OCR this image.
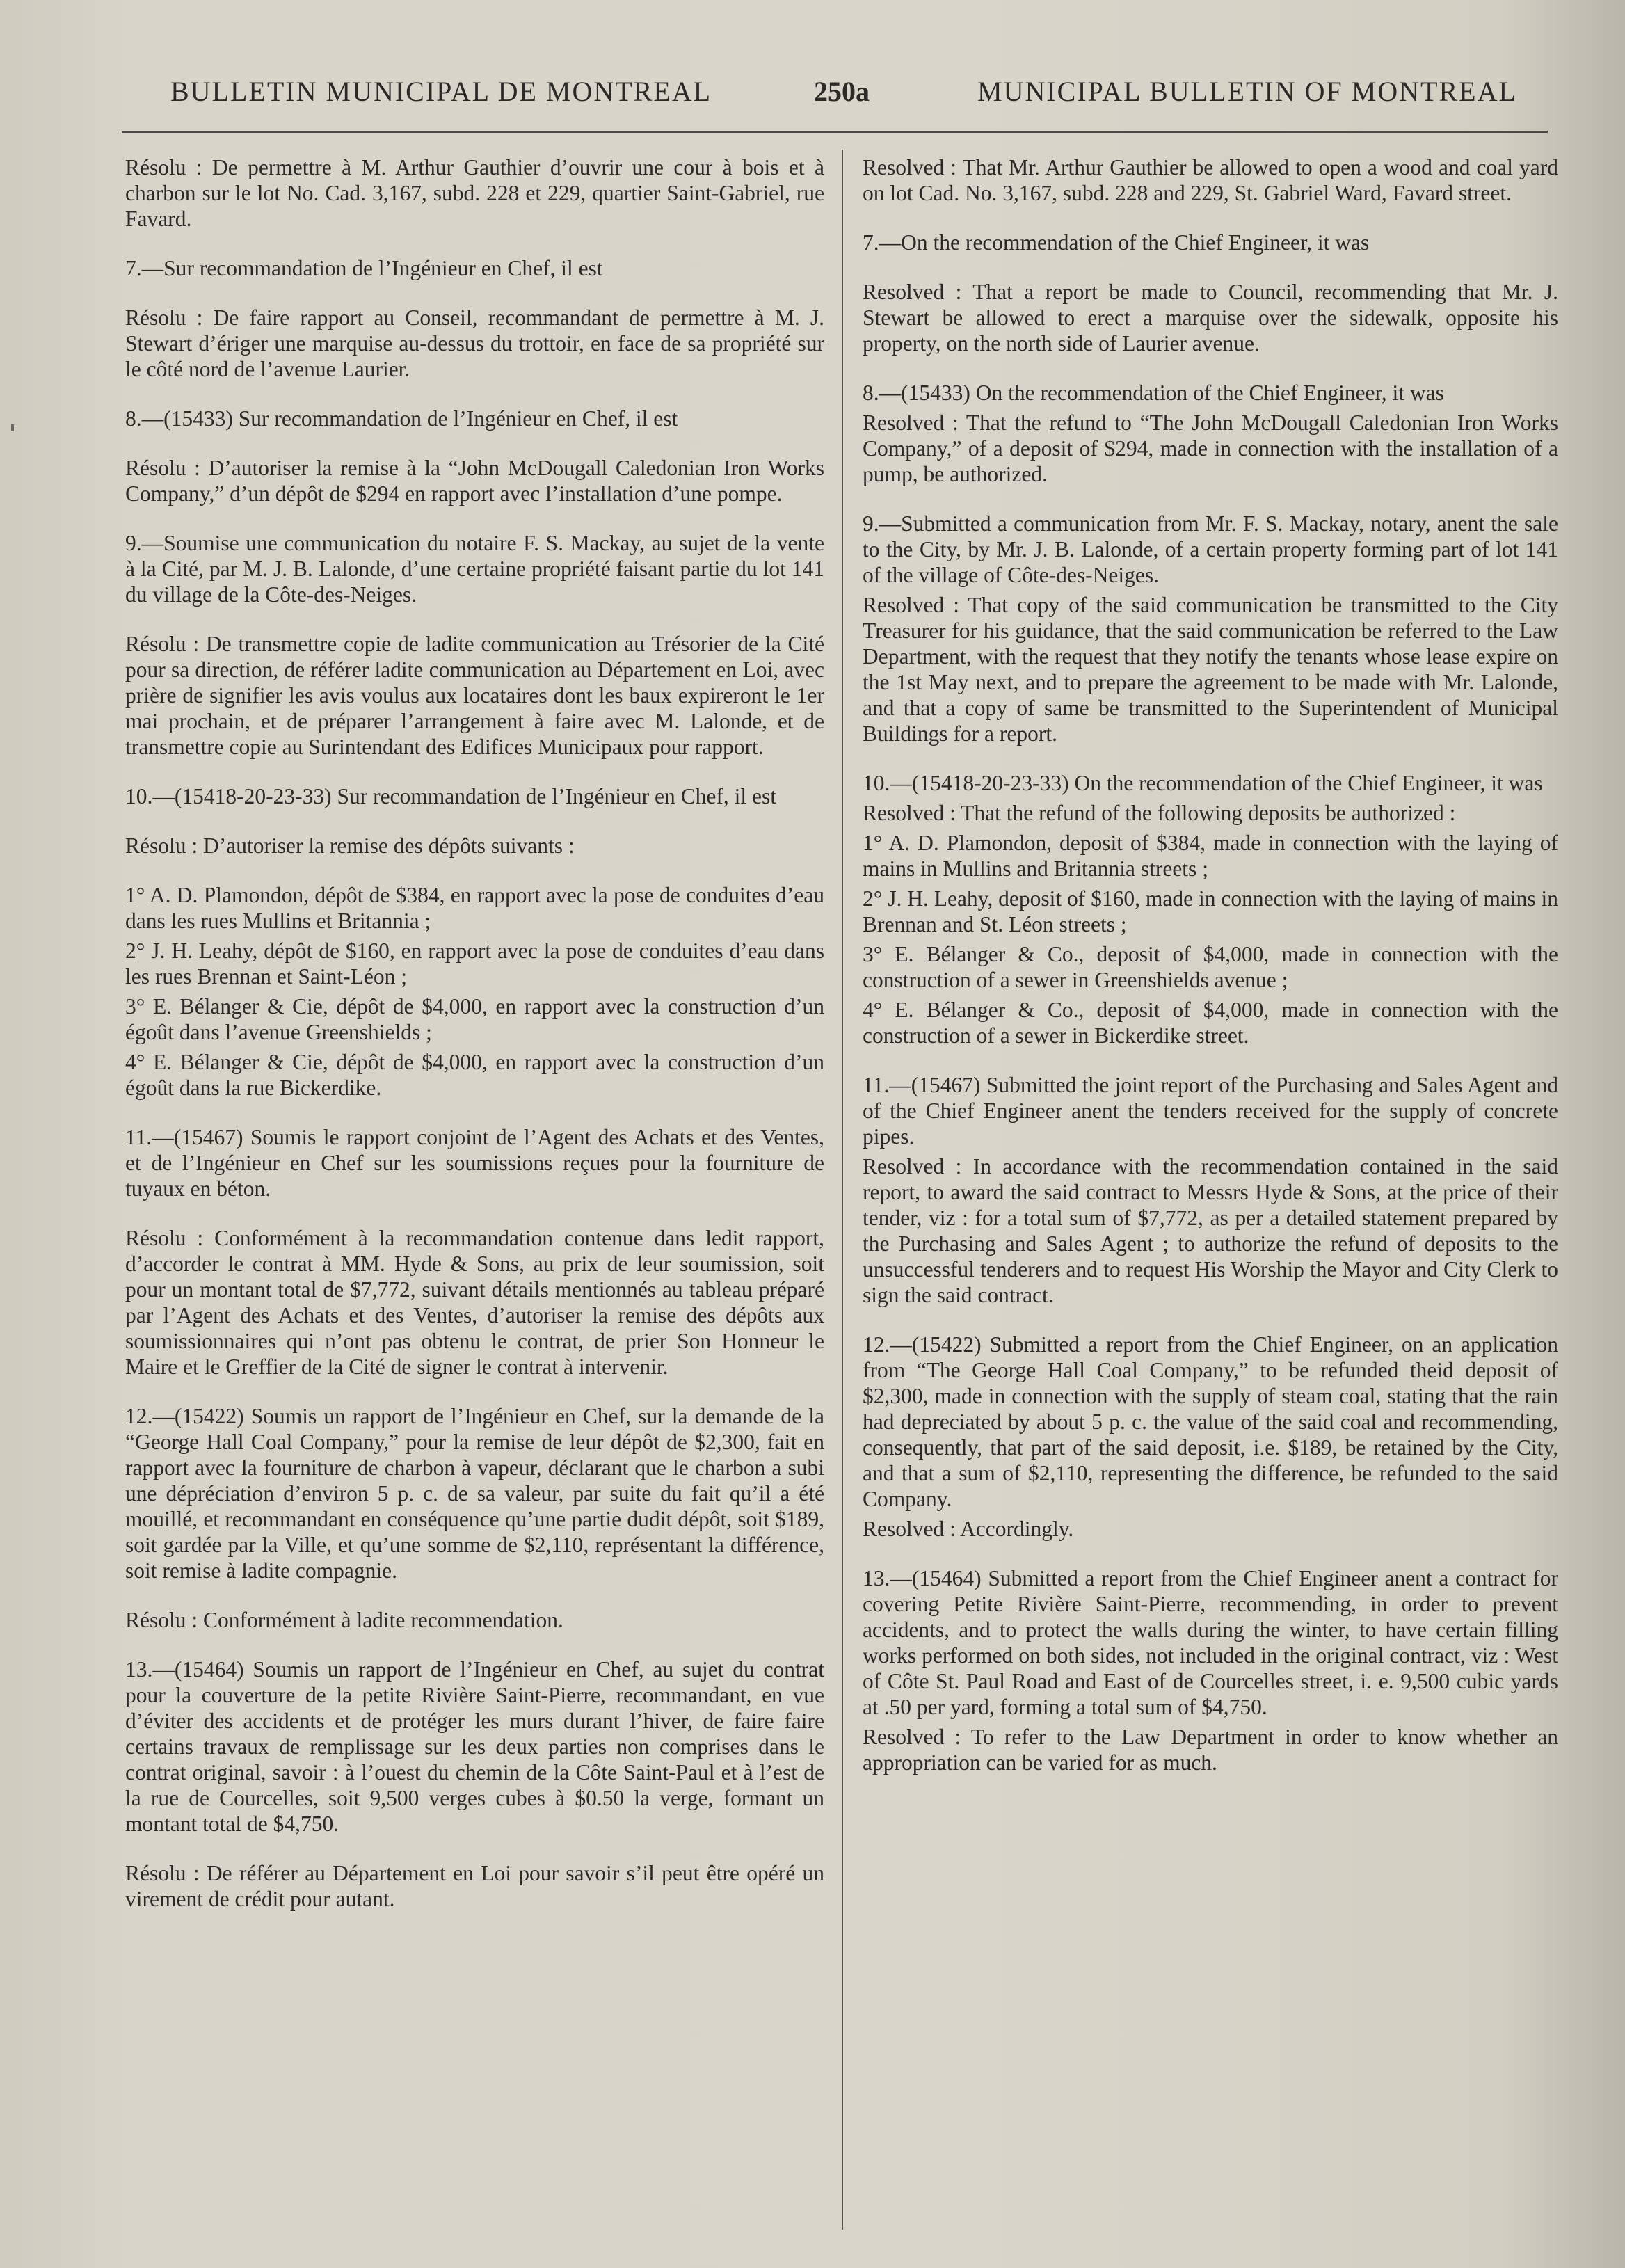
BULLETIN MUNICIPAL DE MONTREAL	250a	MUNICIPAL BULLETIN OF MONTREAL

Résolu : De permettre à M. Arthur Gauthier d’ouvrir une cour à bois et à charbon sur le lot No. Cad. 3,167, subd. 228 et 229, quartier Saint-Gabriel, rue Favard.

7.—Sur recommandation de l’Ingénieur en Chef, il est

Résolu : De faire rapport au Conseil, recommandant de permettre à M. J. Stewart d’ériger une marquise au-dessus du trottoir, en face de sa propriété sur le côté nord de l’avenue Laurier.

8.—(15433) Sur recommandation de l’Ingénieur en Chef, il est

Résolu : D’autoriser la remise à la “John McDougall Caledonian Iron Works Company,” d’un dépôt de $294 en rapport avec l’installation d’une pompe.

9.—Soumise une communication du notaire F. S. Mackay, au sujet de la vente à la Cité, par M. J. B. Lalonde, d’une certaine propriété faisant partie du lot 141 du village de la Côte-des-Neiges.

Résolu : De transmettre copie de ladite communication au Trésorier de la Cité pour sa direction, de référer ladite communication au Département en Loi, avec prière de signifier les avis voulus aux locataires dont les baux expireront le 1er mai prochain, et de préparer l’arrangement à faire avec M. Lalonde, et de transmettre copie au Surintendant des Edifices Municipaux pour rapport.

10.—(15418-20-23-33) Sur recommandation de l’Ingénieur en Chef, il est

Résolu : D’autoriser la remise des dépôts suivants :

1° A. D. Plamondon, dépôt de $384, en rapport avec la pose de conduites d’eau dans les rues Mullins et Britannia ;

2° J. H. Leahy, dépôt de $160, en rapport avec la pose de conduites d’eau dans les rues Brennan et Saint-Léon ;

3° E. Bélanger & Cie, dépôt de $4,000, en rapport avec la construction d’un égoût dans l’avenue Greenshields ;

4° E. Bélanger & Cie, dépôt de $4,000, en rapport avec la construction d’un égoût dans la rue Bickerdike.

11.—(15467) Soumis le rapport conjoint de l’Agent des Achats et des Ventes, et de l’Ingénieur en Chef sur les soumissions reçues pour la fourniture de tuyaux en béton.

Résolu : Conformément à la recommandation contenue dans ledit rapport, d’accorder le contrat à MM. Hyde & Sons, au prix de leur soumission, soit pour un montant total de $7,772, suivant détails mentionnés au tableau préparé par l’Agent des Achats et des Ventes, d’autoriser la remise des dépôts aux soumissionnaires qui n’ont pas obtenu le contrat, de prier Son Honneur le Maire et le Greffier de la Cité de signer le contrat à intervenir.

12.—(15422) Soumis un rapport de l’Ingénieur en Chef, sur la demande de la “George Hall Coal Company,” pour la remise de leur dépôt de $2,300, fait en rapport avec la fourniture de charbon à vapeur, déclarant que le charbon a subi une dépréciation d’environ 5 p. c. de sa valeur, par suite du fait qu’il a été mouillé, et recommandant en conséquence qu’une partie dudit dépôt, soit $189, soit gardée par la Ville, et qu’une somme de $2,110, représentant la différence, soit remise à ladite compagnie.

Résolu : Conformément à ladite recommendation.

13.—(15464) Soumis un rapport de l’Ingénieur en Chef, au sujet du contrat pour la couverture de la petite Rivière Saint-Pierre, recommandant, en vue d’éviter des accidents et de protéger les murs durant l’hiver, de faire faire certains travaux de remplissage sur les deux parties non comprises dans le contrat original, savoir : à l’ouest du chemin de la Côte Saint-Paul et à l’est de la rue de Courcelles, soit 9,500 verges cubes à $0.50 la verge, formant un montant total de $4,750.

Résolu : De référer au Département en Loi pour savoir s’il peut être opéré un virement de crédit pour autant.

Resolved : That Mr. Arthur Gauthier be allowed to open a wood and coal yard on lot Cad. No. 3,167, subd. 228 and 229, St. Gabriel Ward, Favard street.

7.—On the recommendation of the Chief Engineer, it was

Resolved : That a report be made to Council, recommending that Mr. J. Stewart be allowed to erect a marquise over the sidewalk, opposite his property, on the north side of Laurier avenue.

8.—(15433) On the recommendation of the Chief Engineer, it was

Resolved : That the refund to “The John McDougall Caledonian Iron Works Company,” of a deposit of $294, made in connection with the installation of a pump, be authorized.

9.—Submitted a communication from Mr. F. S. Mackay, notary, anent the sale to the City, by Mr. J. B. Lalonde, of a certain property forming part of lot 141 of the village of Côte-des-Neiges.

Resolved : That copy of the said communication be transmitted to the City Treasurer for his guidance, that the said communication be referred to the Law Department, with the request that they notify the tenants whose lease expire on the 1st May next, and to prepare the agreement to be made with Mr. Lalonde, and that a copy of same be transmitted to the Superintendent of Municipal Buildings for a report.

10.—(15418-20-23-33) On the recommendation of the Chief Engineer, it was

Resolved : That the refund of the following deposits be authorized :

1° A. D. Plamondon, deposit of $384, made in connection with the laying of mains in Mullins and Britannia streets ;

2° J. H. Leahy, deposit of $160, made in connection with the laying of mains in Brennan and St. Léon streets ;

3° E. Bélanger & Co., deposit of $4,000, made in connection with the construction of a sewer in Greenshields avenue ;

4° E. Bélanger & Co., deposit of $4,000, made in connection with the construction of a sewer in Bickerdike street.

11.—(15467) Submitted the joint report of the Purchasing and Sales Agent and of the Chief Engineer anent the tenders received for the supply of concrete pipes.

Resolved : In accordance with the recommendation contained in the said report, to award the said contract to Messrs Hyde & Sons, at the price of their tender, viz : for a total sum of $7,772, as per a detailed statement prepared by the Purchasing and Sales Agent ; to authorize the refund of deposits to the unsuccessful tenderers and to request His Worship the Mayor and City Clerk to sign the said contract.

12.—(15422) Submitted a report from the Chief Engineer, on an application from “The George Hall Coal Company,” to be refunded theid deposit of $2,300, made in connection with the supply of steam coal, stating that the rain had depreciated by about 5 p. c. the value of the said coal and recommending, consequently, that part of the said deposit, i.e. $189, be retained by the City, and that a sum of $2,110, representing the difference, be refunded to the said Company.

Resolved : Accordingly.

13.—(15464) Submitted a report from the Chief Engineer anent a contract for covering Petite Rivière Saint-Pierre, recommending, in order to prevent accidents, and to protect the walls during the winter, to have certain filling works performed on both sides, not included in the original contract, viz : West of Côte St. Paul Road and East of de Courcelles street, i. e. 9,500 cubic yards at .50 per yard, forming a total sum of $4,750.

Resolved : To refer to the Law Department in order to know whether an appropriation can be varied for as much.
